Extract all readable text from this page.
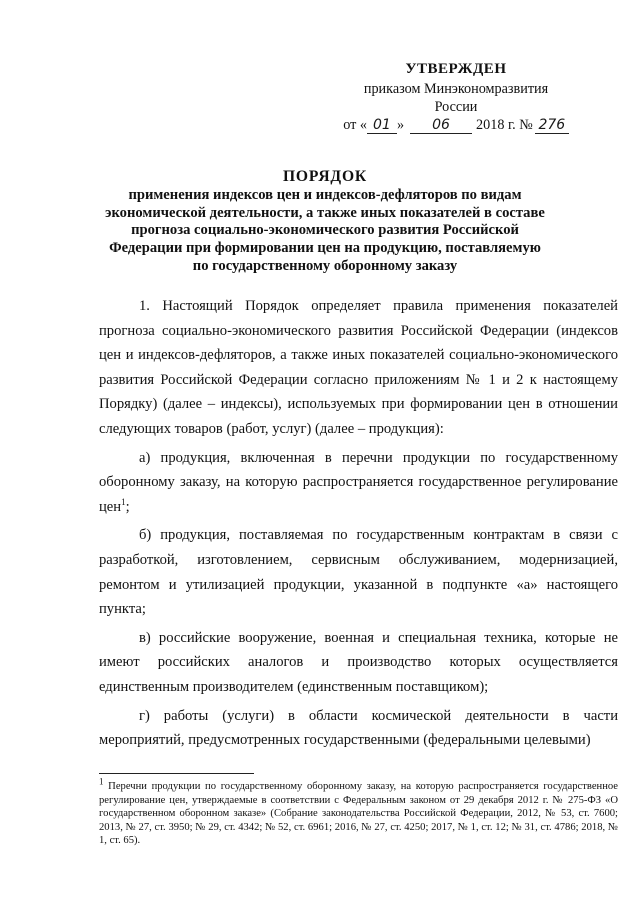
УТВЕРЖДЕН
приказом Минэкономразвития
России
от « 01 »	06	2018 г. № 276
ПОРЯДОК
применения индексов цен и индексов-дефляторов по видам экономической деятельности, а также иных показателей в составе прогноза социально-экономического развития Российской Федерации при формировании цен на продукцию, поставляемую по государственному оборонному заказу

1. Настоящий Порядок определяет правила применения показателей прогноза социально-экономического развития Российской Федерации (индексов цен и индексов-дефляторов, а также иных показателей социально-экономического развития Российской Федерации согласно приложениям № 1 и 2 к настоящему Порядку) (далее – индексы), используемых при формировании цен в отношении следующих товаров (работ, услуг) (далее – продукция):

а) продукция, включенная в перечни продукции по государственному оборонному заказу, на которую распространяется государственное регулирование цен$^1$;

б) продукция, поставляемая по государственным контрактам в связи с разработкой, изготовлением, сервисным обслуживанием, модернизацией, ремонтом и утилизацией продукции, указанной в подпункте «а» настоящего пункта;

в) российские вооружение, военная и специальная техника, которые не имеют российских аналогов и производство которых осуществляется единственным производителем (единственным поставщиком);

г) работы (услуги) в области космической деятельности в части мероприятий, предусмотренных государственными (федеральными целевыми)

$^1$ Перечни продукции по государственному оборонному заказу, на которую распространяется государственное регулирование цен, утверждаемые в соответствии с Федеральным законом от 29 декабря 2012 г. № 275-ФЗ «О государственном оборонном заказе» (Собрание законодательства Российской Федерации, 2012, № 53, ст. 7600; 2013, № 27, ст. 3950; № 29, ст. 4342; № 52, ст. 6961; 2016, № 27, ст. 4250; 2017, № 1, ст. 12; № 31, ст. 4786; 2018, № 1, ст. 65).
